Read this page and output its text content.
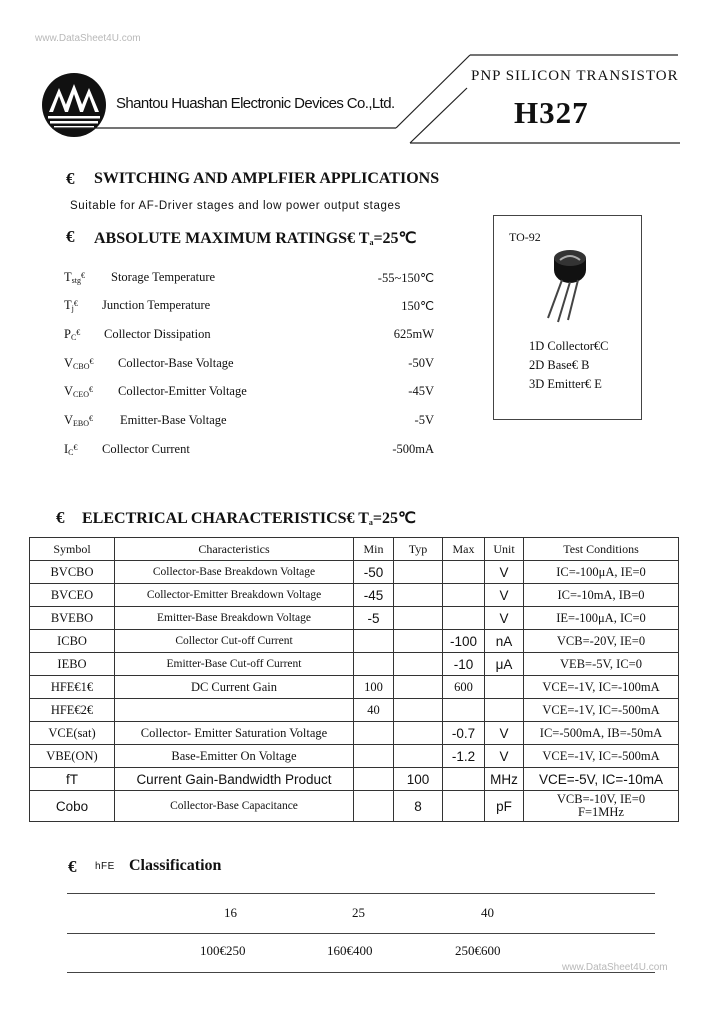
www.DataSheet4U.com
Shantou Huashan Electronic Devices Co.,Ltd.
PNP SILICON TRANSISTOR
H327
€ SWITCHING AND AMPLFIER APPLICATIONS
Suitable for AF-Driver stages and low power output stages
€ ABSOLUTE MAXIMUM RATINGS€ Ta=25℃
Tstg€ Storage Temperature	-55~150℃
Tj€ Junction Temperature	150℃
PC€ Collector Dissipation	625mW
VCBO€ Collector-Base Voltage	-50V
VCEO€ Collector-Emitter Voltage	-45V
VEBO€ Emitter-Base Voltage	-5V
IC€ Collector Current	-500mA
TO-92
1D Collector€C
2D Base€ B
3D Emitter€ E
€ ELECTRICAL CHARACTERISTICS€ Ta=25℃
Symbol	Characteristics	Min	Typ	Max	Unit	Test Conditions
BVCBO	Collector-Base Breakdown Voltage	-50			V	IC=-100μA, IE=0
BVCEO	Collector-Emitter Breakdown Voltage	-45			V	IC=-10mA, IB=0
BVEBO	Emitter-Base Breakdown Voltage	-5			V	IE=-100μA, IC=0
ICBO	Collector Cut-off Current			-100	nA	VCB=-20V, IE=0
IEBO	Emitter-Base Cut-off Current			-10	μA	VEB=-5V, IC=0
HFE€1€	DC Current Gain	100		600		VCE=-1V, IC=-100mA
HFE€2€		40				VCE=-1V, IC=-500mA
VCE(sat)	Collector- Emitter Saturation Voltage			-0.7	V	IC=-500mA, IB=-50mA
VBE(ON)	Base-Emitter On Voltage			-1.2	V	VCE=-1V, IC=-500mA
fT	Current Gain-Bandwidth Product		100		MHz	VCE=-5V, IC=-10mA
Cobo	Collector-Base Capacitance		8		pF	VCB=-10V, IE=0
F=1MHz
€ hFE Classification
16	25	40
100€250	160€400	250€600
www.DataSheet4U.com
